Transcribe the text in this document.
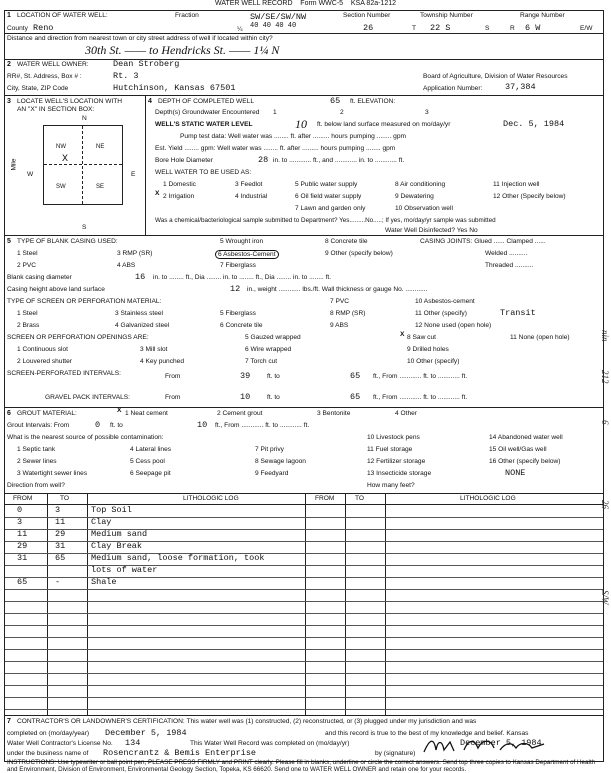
WATER WELL RECORD Form WWC-5 KSA 82a-1212
1 LOCATION OF WATER WELL:	Fraction	SW/SE/SW/NW
County Reno	40 40 40 40
¼
Section Number
26
Township Number
T 22 S	S
Range Number
R 6 W	E/W
Distance and direction from nearest town or city street address of well if located within city?
30th St. —— to Hendricks St. —— 1¼ N
2 WATER WELL OWNER:	Dean Stroberg
RR#, St. Address, Box # :	Rt. 3
City, State, ZIP Code	Hutchinson, Kansas 67501
Board of Agriculture, Division of Water Resources
Application Number:	37,384
3 LOCATE WELL'S LOCATION WITH
AN "X" IN SECTION BOX:
N
S
W	E
Mile
NW	NE
SW	SE
X
4 DEPTH OF COMPLETED WELL	65 ft. ELEVATION:
Depth(s) Groundwater Encountered 1	2	3
WELL'S STATIC WATER LEVEL	10 ft. below land surface measured on mo/day/yr	Dec. 5, 1984
Pump test data: Well water was ........ ft. after ......... hours pumping ........ gpm
Est. Yield ........ gpm: Well water was ........ ft. after ......... hours pumping ........ gpm
Bore Hole Diameter	28 in. to ............ ft., and ............ in. to ............ ft.
WELL WATER TO BE USED AS:
1 Domestic	3 Feedlot	5 Public water supply	8 Air conditioning	11 Injection well
X 2 Irrigation	4 Industrial	6 Oil field water supply	9 Dewatering	12 Other (Specify below)
7 Lawn and garden only	10 Observation well
Was a chemical/bacteriological sample submitted to Department? Yes.........No.....; If yes, mo/day/yr sample was submitted
Water Well Disinfected? Yes No
5 TYPE OF BLANK CASING USED:
1 Steel	3 RMP (SR)
5 Wrought iron	8 Concrete tile
2 PVC	4 ABS
6 Asbestos-Cement	9 Other (specify below)
7 Fiberglass
CASING JOINTS: Glued ...... Clamped ......
Welded ..........
Threaded ..........
Blank casing diameter	16 in. to ........ ft., Dia ........ in. to ........ ft., Dia ........ in. to ........ ft.
Casing height above land surface	12 in., weight ............ lbs./ft. Wall thickness or gauge No. ............
TYPE OF SCREEN OR PERFORATION MATERIAL:
1 Steel	3 Stainless steel	5 Fiberglass
7 PVC	10 Asbestos-cement
2 Brass	4 Galvanized steel	6 Concrete tile
8 RMP (SR)
9 ABS
11 Other (specify)	Transit
12 None used (open hole)
SCREEN OR PERFORATION OPENINGS ARE:	5 Gauzed wrapped	X 8 Saw cut	11 None (open hole)
1 Continuous slot	3 Mill slot	6 Wire wrapped	9 Drilled holes
2 Louvered shutter	4 Key punched	7 Torch cut	10 Other (specify)
SCREEN-PERFORATED INTERVALS:	From	39	ft. to	65 ft., From ............ ft. to ............ ft.
GRAVEL PACK INTERVALS:	From	10	ft. to	65 ft., From ............ ft. to ............ ft.
6 GROUT MATERIAL:	X 1 Neat cement	2 Cement grout	3 Bentonite	4 Other
Grout Intervals: From	0 ft. to	10 ft., From ............ ft. to ............ ft.
What is the nearest source of possible contamination:
1 Septic tank	4 Lateral lines	7 Pit privy
10 Livestock pens	14 Abandoned water well
2 Sewer lines	5 Cess pool	8 Sewage lagoon
11 Fuel storage	15 Oil well/Gas well
3 Watertight sewer lines	6 Seepage pit	9 Feedyard
12 Fertilizer storage	16 Other (specify below)
13 Insecticide storage	NONE
Direction from well?	How many feet?
FROM	TO	LITHOLOGIC LOG	FROM	TO	LITHOLOGIC LOG
0	3	Top Soil
3	11	Clay
11	29	Medium sand
29	31	Clay Break
31	65	Medium sand, loose formation, took
lots of water
65	-	Shale
7 CONTRACTOR'S OR LANDOWNER'S CERTIFICATION: This water well was (1) constructed, (2) reconstructed, or (3) plugged under my jurisdiction and was
completed on (mo/day/year) December 5, 1984	and this record is true to the best of my knowledge and belief. Kansas
Water Well Contractor's License No. 134	This Water Well Record was completed on (mo/day/yr)	December 5, 1984
under the business name of Rosencrantz & Bemis Enterprise	by (signature)
INSTRUCTIONS: Use typewriter or ball point pen, PLEASE PRESS FIRMLY and PRINT clearly. Please fill in blanks, underline or circle the correct answers. Send top three copies to Kansas Department of Health and Environment, Division of Environment, Environmental Geology Section, Topeka, KS 66620. Send one to WATER WELL OWNER and retain one for your records.
nin
212
6
26
S/W
